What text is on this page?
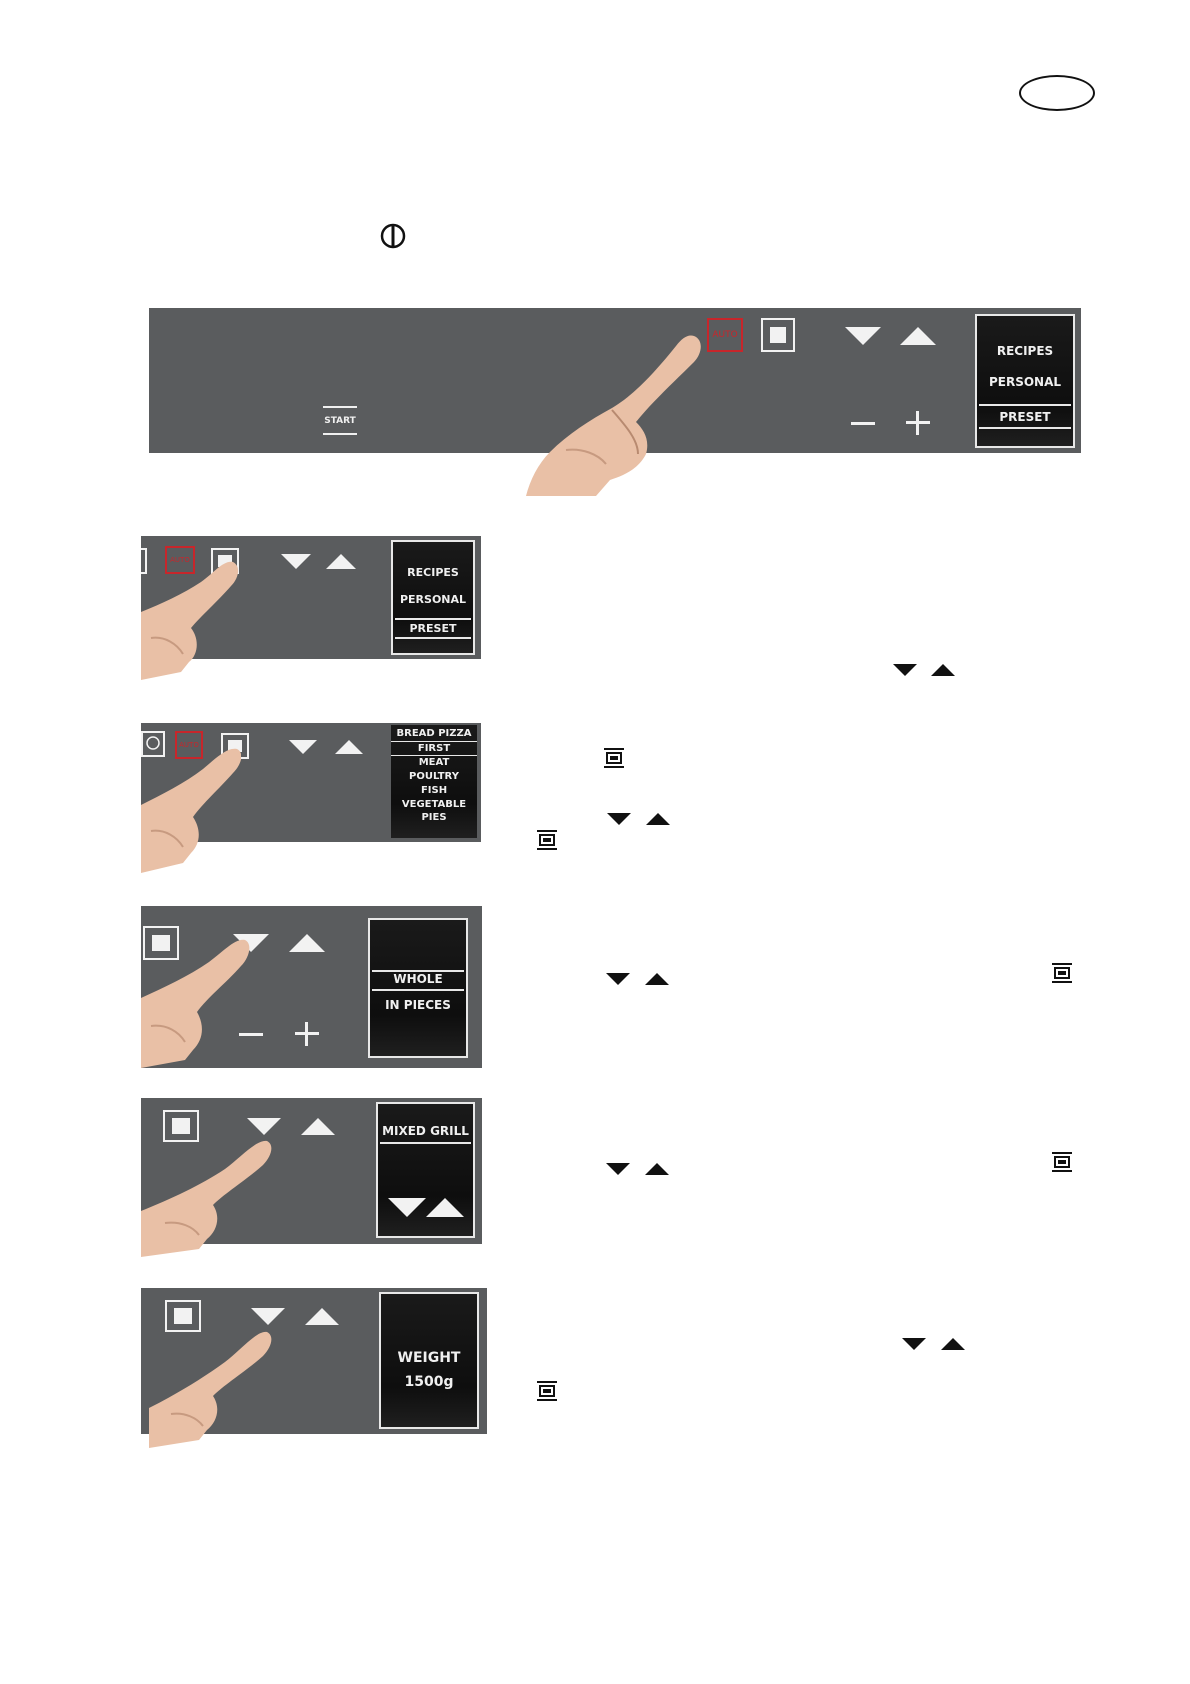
START
AUTO
RECIPES
PERSONAL
PRESET
AUTO
RECIPES
PERSONAL
PRESET
AUTO
BREAD PIZZA
FIRST
MEAT
POULTRY
FISH
VEGETABLE
PIES
WHOLE
IN PIECES
MIXED GRILL
WEIGHT
1500g
